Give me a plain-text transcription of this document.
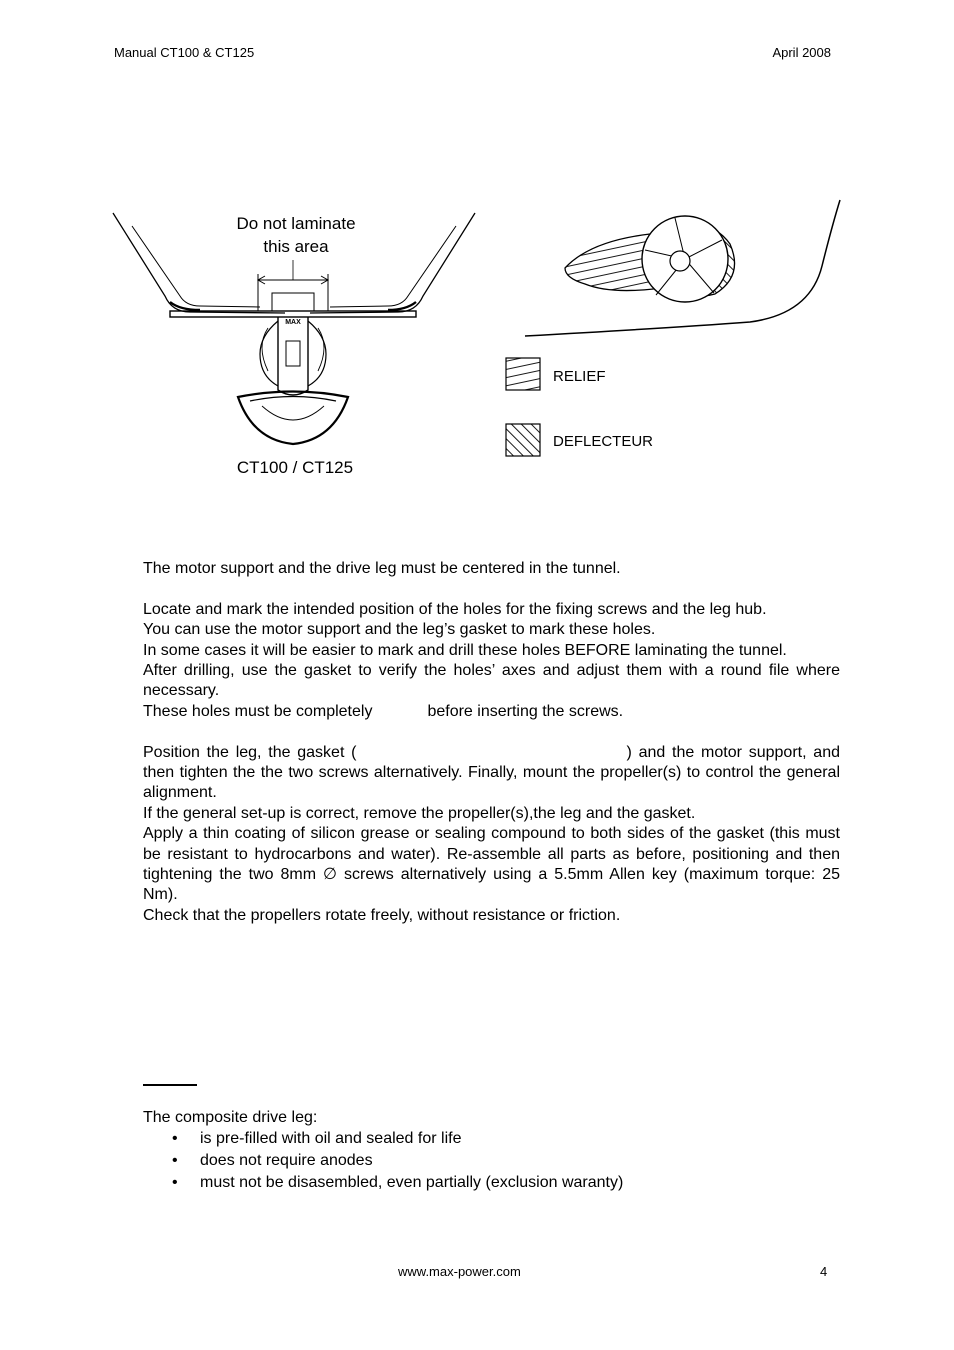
Manual CT100 & CT125	April 2008
MAX
Do not laminate
this area
CT100 / CT125
RELIEF
DEFLECTEUR

The motor support and the drive leg must be centered in the tunnel.

Locate and mark the intended position of the holes for the fixing screws and the leg hub.

You can use the motor support and the leg’s gasket to mark these holes.

In some cases it will be easier to mark and drill these holes BEFORE laminating the tunnel.

After drilling, use the gasket to verify the holes’ axes and adjust them with a round file where necessary.

These holes must be completely	before inserting the screws.

Position the leg, the gasket (	) and the motor support, and then tighten the the two screws alternatively. Finally, mount the propeller(s) to control the general alignment.

If the general set-up is correct, remove the propeller(s),the leg and the gasket.

Apply a thin coating of silicon grease or sealing compound to both sides of the gasket (this must be resistant to hydrocarbons and water). Re-assemble all parts as before, positioning and then tightening the two 8mm ∅ screws alternatively using a 5.5mm Allen key (maximum torque: 25 Nm).

Check that the propellers rotate freely, without resistance or friction.

The composite drive leg:
• is pre-filled with oil and sealed for life
• does not require anodes
• must not be disasembled, even partially (exclusion waranty)
www.max-power.com	4
